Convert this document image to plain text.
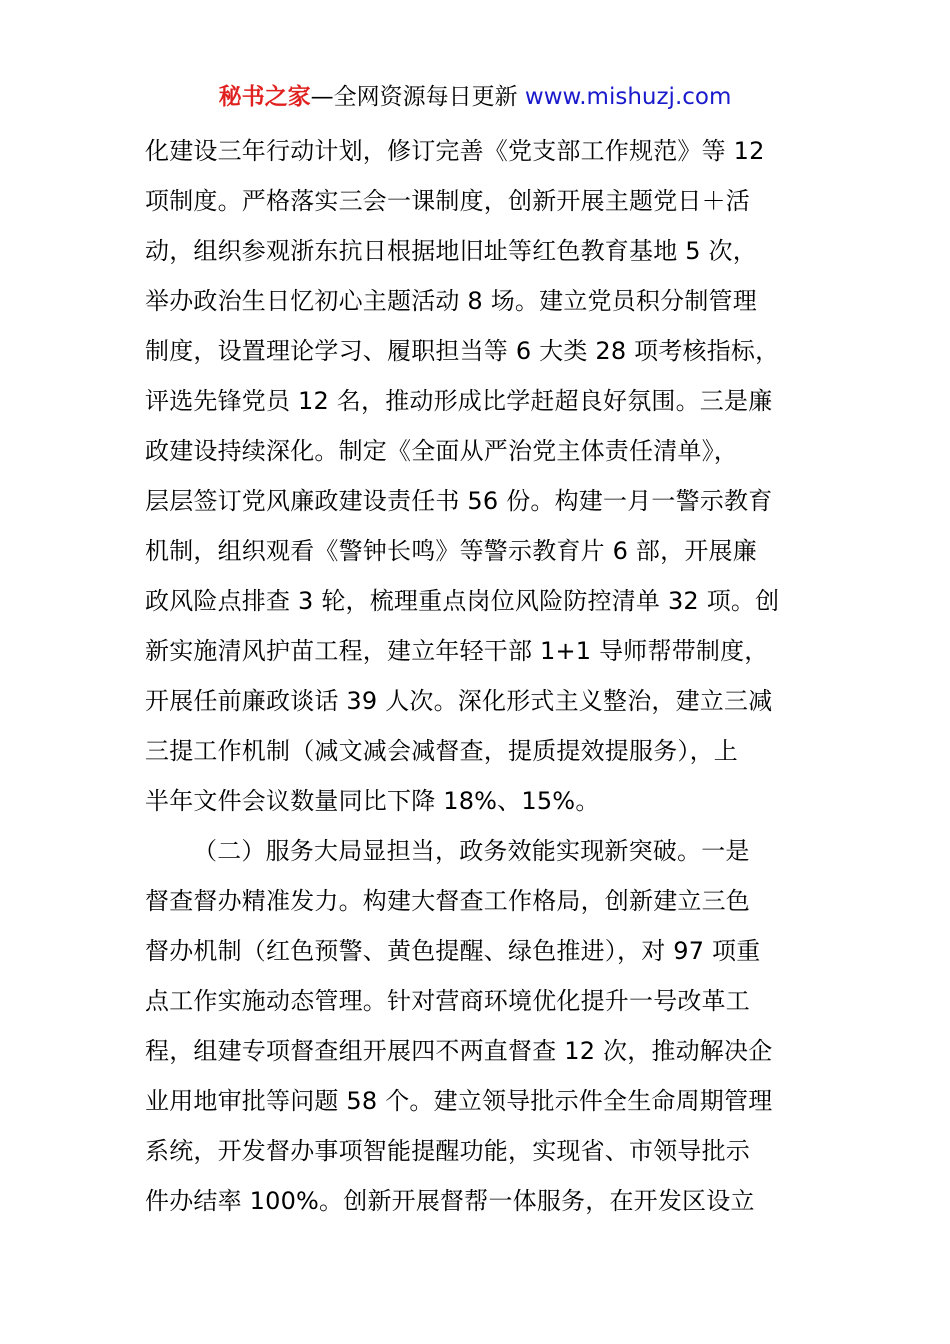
秘书之家—全网资源每日更新 www.mishuzj.com
化建设三年行动计划，修订完善《党支部工作规范》等 12
项制度。严格落实三会一课制度，创新开展主题党日＋活
动，组织参观浙东抗日根据地旧址等红色教育基地 5 次，
举办政治生日忆初心主题活动 8 场。建立党员积分制管理
制度，设置理论学习、履职担当等 6 大类 28 项考核指标，
评选先锋党员 12 名，推动形成比学赶超良好氛围。三是廉
政建设持续深化。制定《全面从严治党主体责任清单》，
层层签订党风廉政建设责任书 56 份。构建一月一警示教育
机制，组织观看《警钟长鸣》等警示教育片 6 部，开展廉
政风险点排查 3 轮，梳理重点岗位风险防控清单 32 项。创
新实施清风护苗工程，建立年轻干部 1+1 导师帮带制度，
开展任前廉政谈话 39 人次。深化形式主义整治，建立三减
三提工作机制（减文减会减督查，提质提效提服务），上
半年文件会议数量同比下降 18%、15%。
（二）服务大局显担当，政务效能实现新突破。一是
督查督办精准发力。构建大督查工作格局，创新建立三色
督办机制（红色预警、黄色提醒、绿色推进），对 97 项重
点工作实施动态管理。针对营商环境优化提升一号改革工
程，组建专项督查组开展四不两直督查 12 次，推动解决企
业用地审批等问题 58 个。建立领导批示件全生命周期管理
系统，开发督办事项智能提醒功能，实现省、市领导批示
件办结率 100%。创新开展督帮一体服务，在开发区设立
